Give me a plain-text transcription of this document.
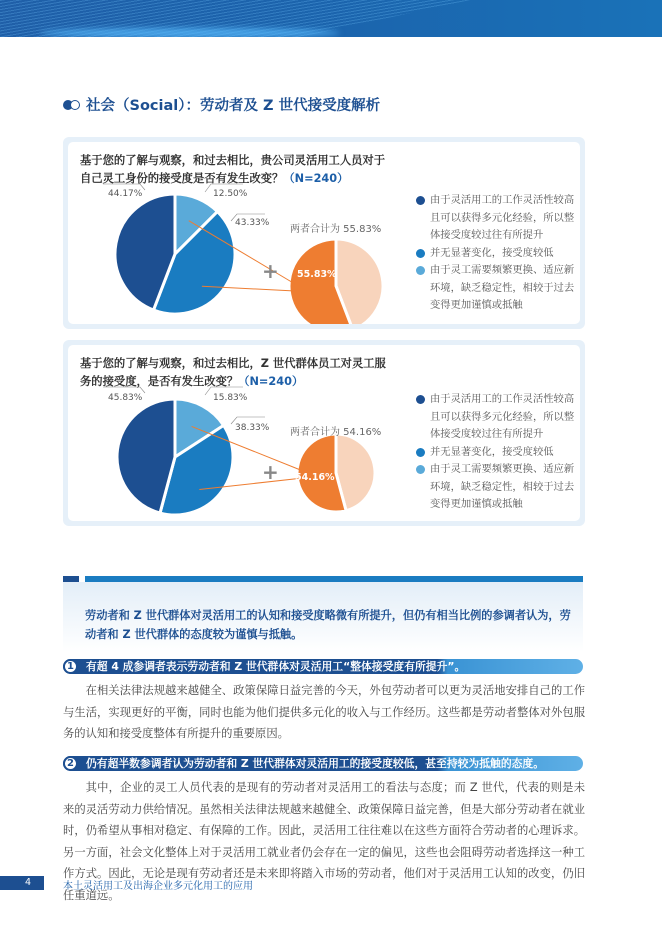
社会（Social）：劳动者及 Z 世代接受度解析
基于您的了解与观察，和过去相比，贵公司灵活用工人员对于自己灵工身份的接受度是否有发生改变？（N=240）
44.17%	12.50%
43.33%
两者合计为 55.83%
+ 55.83%
由于灵活用工的工作灵活性较高且可以获得多元化经验，所以整体接受度较过往有所提升
并无显著变化，接受度较低
由于灵工需要频繁更换、适应新环境，缺乏稳定性，相较于过去变得更加谨慎或抵触
基于您的了解与观察，和过去相比，Z 世代群体员工对灵工服务的接受度，是否有发生改变？（N=240）
45.83%	15.83%
38.33% 两者合计为 54.16%
+ 54.16%
由于灵活用工的工作灵活性较高且可以获得多元化经验，所以整体接受度较过往有所提升
并无显著变化，接受度较低
由于灵工需要频繁更换、适应新环境，缺乏稳定性，相较于过去变得更加谨慎或抵触

劳动者和 Z 世代群体对灵活用工的认知和接受度略微有所提升，但仍有相当比例的参调者认为，劳动者和 Z 世代群体的态度较为谨慎与抵触。

1	有超 4 成参调者表示劳动者和 Z 世代群体对灵活用工“整体接受度有所提升”。
在相关法律法规越来越健全、政策保障日益完善的今天，外包劳动者可以更为灵活地安排自己的工作与生活，实现更好的平衡，同时也能为他们提供多元化的收入与工作经历。这些都是劳动者整体对外包服务的认知和接受度整体有所提升的重要原因。
2	仍有超半数参调者认为劳动者和 Z 世代群体对灵活用工的接受度较低，甚至持较为抵触的态度。
其中，企业的灵工人员代表的是现有的劳动者对灵活用工的看法与态度；而 Z 世代，代表的则是未来的灵活劳动力供给情况。虽然相关法律法规越来越健全、政策保障日益完善，但是大部分劳动者在就业时，仍希望从事相对稳定、有保障的工作。因此，灵活用工往往难以在这些方面符合劳动者的心理诉求。另一方面，社会文化整体上对于灵活用工就业者仍会存在一定的偏见，这些也会阻碍劳动者选择这一种工作方式。因此，无论是现有劳动者还是未来即将踏入市场的劳动者，他们对于灵活用工认知的改变，仍旧任重道远。
4	本土灵活用工及出海企业多元化用工的应用
